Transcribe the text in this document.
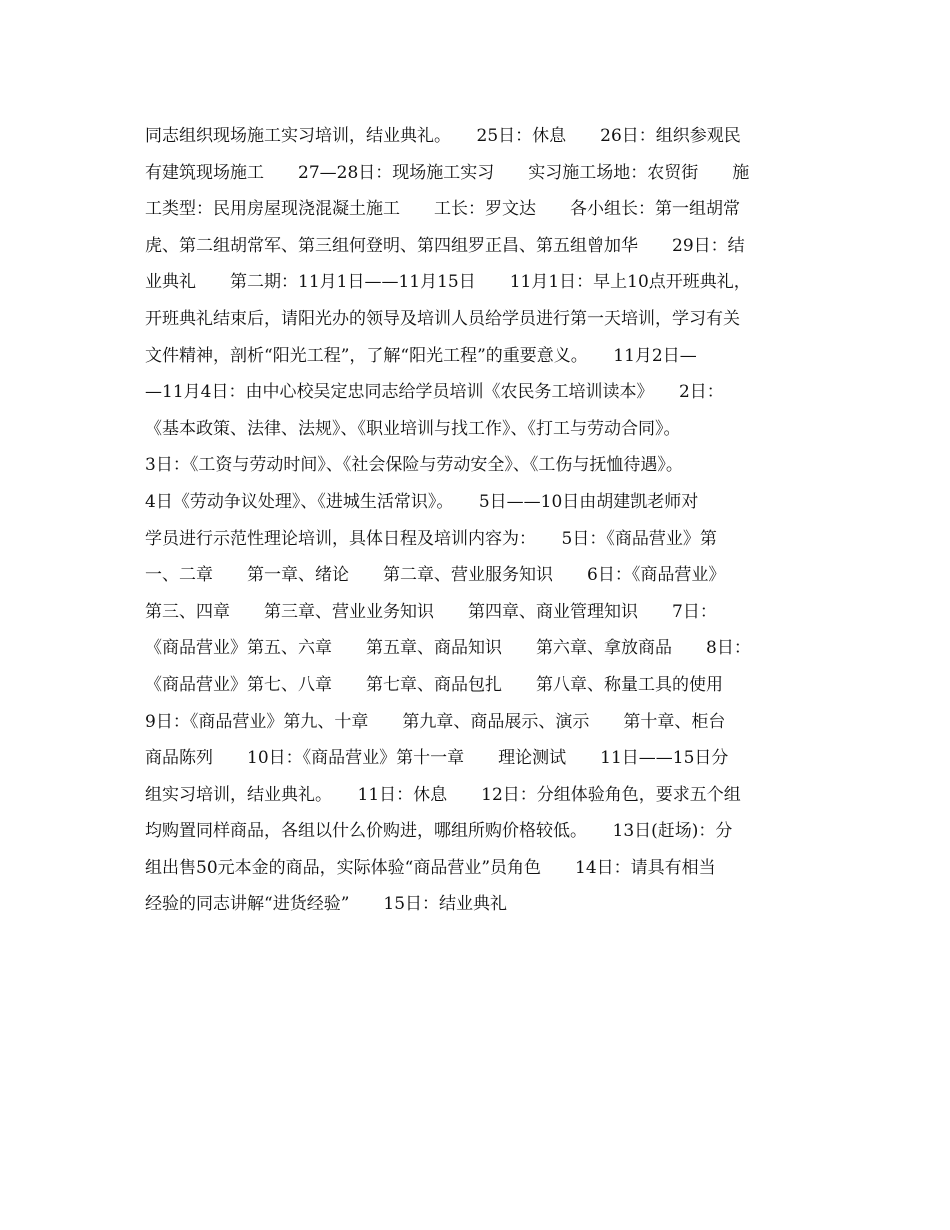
同志组织现场施工实习培训，结业典礼。　　25日：休息　　26日：组织参观民
有建筑现场施工　　27—28日：现场施工实习　　实习施工场地：农贸街　　施
工类型：民用房屋现浇混凝土施工　　工长：罗文达　　各小组长：第一组胡常
虎、第二组胡常军、第三组何登明、第四组罗正昌、第五组曾加华　　29日：结
业典礼　　第二期：11月1日——11月15日　　11月1日：早上10点开班典礼，
开班典礼结束后，请阳光办的领导及培训人员给学员进行第一天培训，学习有关
文件精神，剖析“阳光工程”，了解“阳光工程”的重要意义。　　11月2日—
—11月4日：由中心校吴定忠同志给学员培训《农民务工培训读本》　　2日：
《基本政策、法律、法规》、《职业培训与找工作》、《打工与劳动合同》。
3日：《工资与劳动时间》、《社会保险与劳动安全》、《工伤与抚恤待遇》。
4日《劳动争议处理》、《进城生活常识》。　　5日——10日由胡建凯老师对
学员进行示范性理论培训，具体日程及培训内容为：　　5日：《商品营业》第
一、二章　　第一章、绪论　　第二章、营业服务知识　　6日：《商品营业》
第三、四章　　第三章、营业业务知识　　第四章、商业管理知识　　7日：
《商品营业》第五、六章　　第五章、商品知识　　第六章、拿放商品　　8日：
《商品营业》第七、八章　　第七章、商品包扎　　第八章、称量工具的使用
9日：《商品营业》第九、十章　　第九章、商品展示、演示　　第十章、柜台
商品陈列　　10日：《商品营业》第十一章　　理论测试　　11日——15日分
组实习培训，结业典礼。　　11日：休息　　12日：分组体验角色，要求五个组
均购置同样商品，各组以什么价购进，哪组所购价格较低。　　13日(赶场)：分
组出售50元本金的商品，实际体验“商品营业”员角色　　14日：请具有相当
经验的同志讲解“进货经验”　　15日：结业典礼
